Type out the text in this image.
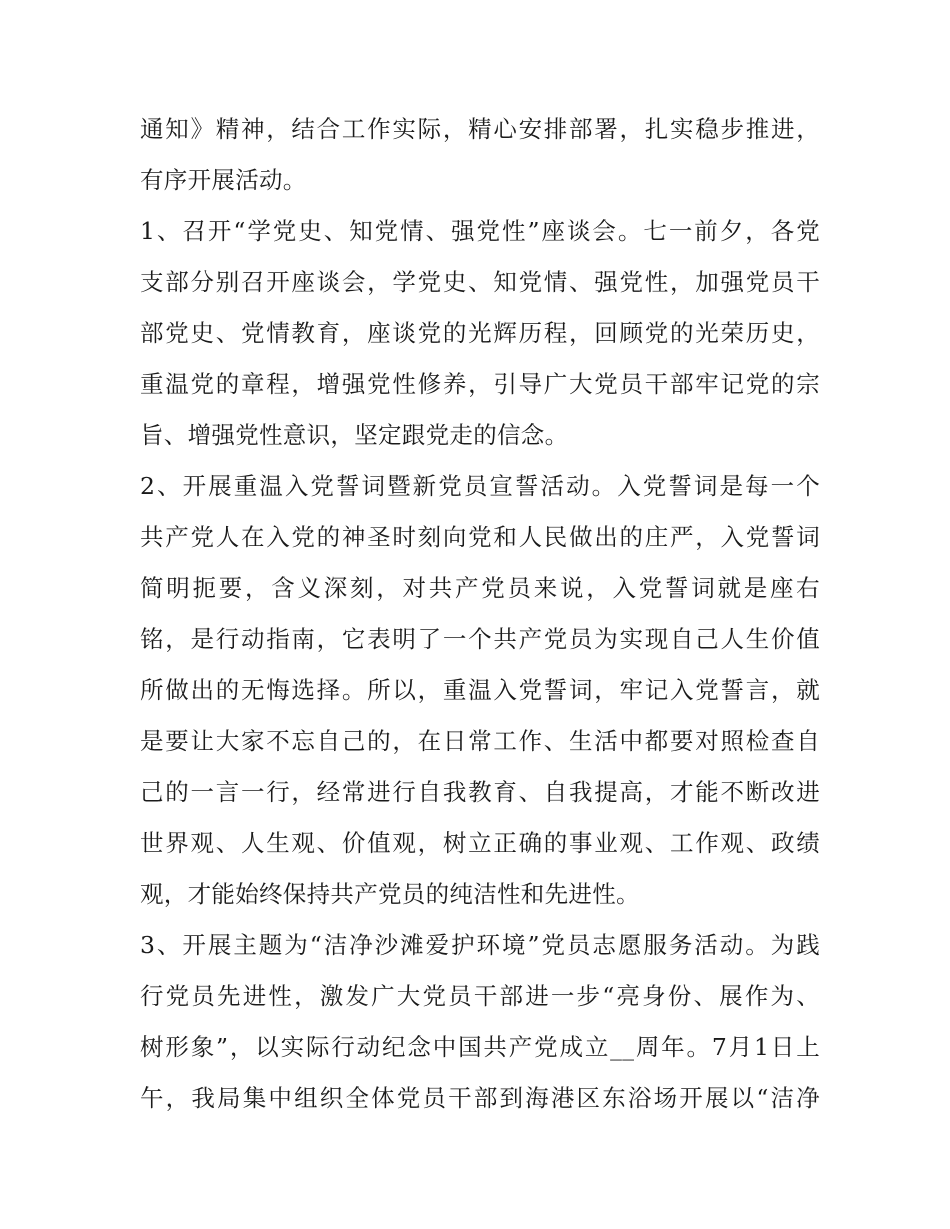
通知》精神，结合工作实际，精心安排部署，扎实稳步推进，
有序开展活动。
1、召开“学党史、知党情、强党性”座谈会。七一前夕，各党
支部分别召开座谈会，学党史、知党情、强党性，加强党员干
部党史、党情教育，座谈党的光辉历程，回顾党的光荣历史，
重温党的章程，增强党性修养，引导广大党员干部牢记党的宗
旨、增强党性意识，坚定跟党走的信念。
2、开展重温入党誓词暨新党员宣誓活动。入党誓词是每一个
共产党人在入党的神圣时刻向党和人民做出的庄严，入党誓词
简明扼要，含义深刻，对共产党员来说，入党誓词就是座右
铭，是行动指南，它表明了一个共产党员为实现自己人生价值
所做出的无悔选择。所以，重温入党誓词，牢记入党誓言，就
是要让大家不忘自己的，在日常工作、生活中都要对照检查自
己的一言一行，经常进行自我教育、自我提高，才能不断改进
世界观、人生观、价值观，树立正确的事业观、工作观、政绩
观，才能始终保持共产党员的纯洁性和先进性。
3、开展主题为“洁净沙滩爱护环境”党员志愿服务活动。为践
行党员先进性，激发广大党员干部进一步“亮身份、展作为、
树形象”，以实际行动纪念中国共产党成立__周年。7月1日上
午，我局集中组织全体党员干部到海港区东浴场开展以“洁净
